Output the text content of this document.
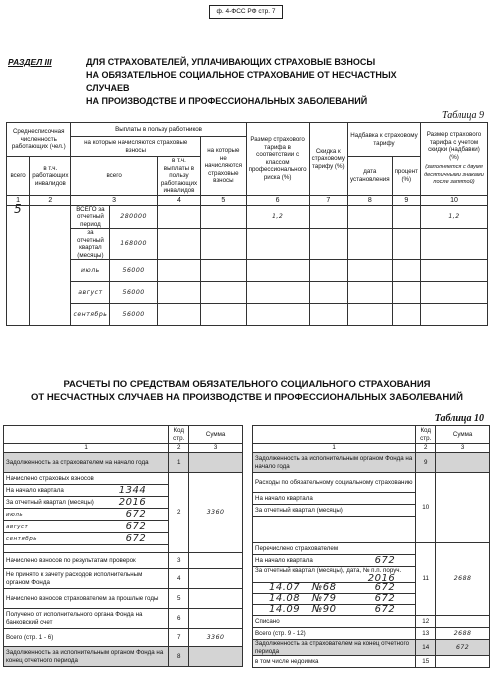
ф. 4-ФСС РФ стр. 7
РАЗДЕЛ III	ДЛЯ СТРАХОВАТЕЛЕЙ, УПЛАЧИВАЮЩИХ СТРАХОВЫЕ ВЗНОСЫ
НА ОБЯЗАТЕЛЬНОЕ СОЦИАЛЬНОЕ СТРАХОВАНИЕ ОТ НЕСЧАСТНЫХ СЛУЧАЕВ
НА ПРОИЗВОДСТВЕ И ПРОФЕССИОНАЛЬНЫХ ЗАБОЛЕВАНИЙ
Таблица 9
Среднесписочная численность работающих (чел.)		Выплаты в пользу работников				Размер страхового тарифа в соответствии с классом профессионального риска (%)	Скидка к страховому тарифу (%)	Надбавка к страховому тарифу		Размер страхового тарифа с учетом скидки (надбавки) (%)
(заполняется с двумя десятичными знаками после запятой)

		на которые начисляются страховые взносы			на которые не начисляются страховые взносы					
всего	в т.ч. работающих инвалидов	всего		в т.ч. выплаты в пользу работающих инвалидов				дата установления	процент (%)	
1	2	3		4	5	6	7	8	9	10
5		ВСЕГО за отчетный период	280000			1,2				1,2
		за отчетный квартал (месяцы)	168000							
		июль	56000							
		август	56000							
		сентябрь	56000							
РАСЧЕТЫ ПО СРЕДСТВАМ ОБЯЗАТЕЛЬНОГО СОЦИАЛЬНОГО СТРАХОВАНИЯ
ОТ НЕСЧАСТНЫХ СЛУЧАЕВ НА ПРОИЗВОДСТВЕ И ПРОФЕССИОНАЛЬНЫХ ЗАБОЛЕВАНИЙ
Таблица 10
	Код стр.	Сумма
1	2	3
Задолженность за страхователем на начало года	1	
Начислено страховых взносов	2	3360
На начало квартала 1344		

За отчетный квартал (месяцы) 2016		

июль 672		

август 672		

сентябрь 672		

Начислено взносов по результатам проверок	3	
Не принято к зачету расходов исполнительным органом Фонда	4	
Начислено взносов страхователем за прошлые годы	5	
Получено от исполнительного органа Фонда на банковский счет	6	
Всего (стр. 1 - 6)	7	3360
Задолженность за исполнительным органом Фонда на конец отчетного периода	8	
	Код стр.	Сумма
1	2	3
Задолженность за исполнительным органом Фонда на начало года	9	
Расходы по обязательному социальному страхованию	10	
На начало квартала		
За отчетный квартал (месяцы)		

Перечислено страхователем	11	2688
На начало квартала 672		

За отчетный квартал (месяцы), дата, № п.п. поруч.
2016		

14.07 №68 672		

14.08 №79 672		

14.09 №90 672		

Списано	12	
Всего (стр. 9 - 12)	13	2688
Задолженность за страхователем на конец отчетного периода	14	672
в том числе недоимка	15	
